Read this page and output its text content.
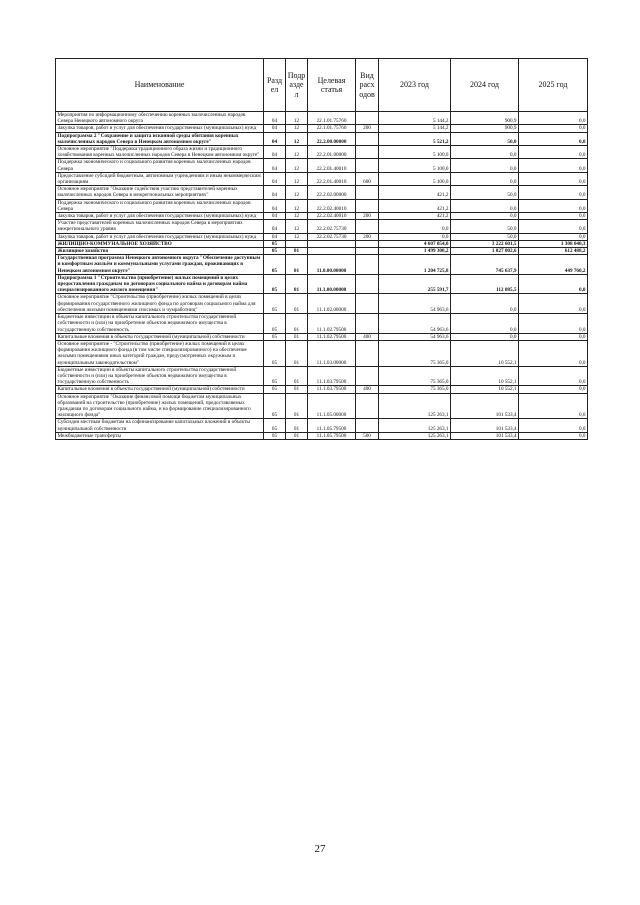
Наименование	Разд ел	Подр азде л	Целевая статья	Вид расх одов	2023 год	2024 год	2025 год
Мероприятия по информационному обеспечению коренных малочисленных народов Севера Ненецкого автономного округа	04	12	22.1.01.75760		5 144,2	900,9	0,0
Закупка товаров, работ и услуг для обеспечения государственных (муниципальных) нужд	04	12	22.1.01.75760	200	5 144,2	900,9	0,0
Подпрограмма 2 "Сохранение и защита исконной среды обитания коренных малочисленных народов Севера в Ненецком автономном округе"	04	12	22.2.00.00000		5 521,2	50,0	0,0
Основное мероприятие "Поддержка традиционного образа жизни и традиционного хозяйствования коренных малочисленных народов Севера в Ненецком автономном округе"	04	12	22.2.01.00000		5 100,0	0,0	0,0
Поддержка экономического и социального развития коренных малочисленных народов Севера	04	12	22.2.01.40010		5 100,0	0,0	0,0
Предоставление субсидий бюджетным, автономным учреждениям и иным некоммерческим организациям	04	12	22.2.01.40010	600	5 100,0	0,0	0,0
Основное мероприятие "Оказание содействия участию представителей коренных малочисленных народов Севера в межрегиональных мероприятиях"	04	12	22.2.02.00000		421,2	50,0	0,0
Поддержка экономического и социального развития коренных малочисленных народов Севера	04	12	22.2.02.40010		421,2	0,0	0,0
Закупка товаров, работ и услуг для обеспечения государственных (муниципальных) нужд	04	12	22.2.02.40010	200	421,2	0,0	0,0
Участие представителей коренных малочисленных народов Севера в мероприятиях межрегионального уровня	04	12	22.2.02.75730		0,0	50,0	0,0
Закупка товаров, работ и услуг для обеспечения государственных (муниципальных) нужд	04	12	22.2.02.75730	200	0,0	50,0	0,0
ЖИЛИЩНО-КОММУНАЛЬНОЕ ХОЗЯЙСТВО	05				4 607 054,0	3 222 601,5	1 308 040,3
Жилищное хозяйство	05	01			1 499 308,2	1 027 002,6	612 488,2
Государственная программа Ненецкого автономного округа "Обеспечение доступным и комфортным жильём и коммунальными услугами граждан, проживающих в Ненецком автономном округе"	05	01	11.0.00.00000		1 204 725,8	745 637,9	449 760,2
Подпрограмма 1 "Строительство (приобретение) жилых помещений в целях предоставления гражданам по договорам социального найма и договорам найма специализированного жилого помещения"	05	01	11.1.00.00000		255 591,7	112 085,5	0,0
Основное мероприятие "Строительство (приобретение) жилых помещений в целях формирования государственного жилищного фонда по договорам социального найма для обеспечения жилыми помещениями сносимых и чумработниц"	05	01	11.1.02.00000		54 963,6	0,0	0,0
Бюджетные инвестиции в объекты капитального строительства государственной собственности и (или) на приобретение объектов недвижимого имущества в государственную собственность	05	01	11.1.02.79500		54 963,6	0,0	0,0
Капитальные вложения в объекты государственной (муниципальной) собственности	05	01	11.1.02.79500	400	54 963,6	0,0	0,0
Основное мероприятие - "Строительство (приобретение) жилых помещений в целях формирования жилищного фонда (в том числе специализированного) на обеспечение жилыми помещениями иных категорий граждан, предусмотренных окружным и муниципальным законодательством"	05	01	11.1.03.00000		75 365,0	10 552,1	0,0
Бюджетные инвестиции в объекты капитального строительства государственной собственности и (или) на приобретение объектов недвижимого имущества в государственную собственность	05	01	11.1.03.79500		75 365,0	10 552,1	0,0
Капитальные вложения в объекты государственной (муниципальной) собственности	05	01	11.1.03.79500	400	75 365,0	10 552,1	0,0
Основное мероприятие "Оказание финансовой помощи бюджетам муниципальных образований на строительство (приобретение) жилых помещений, предоставляемых гражданам по договорам социального найма, и на формирование специализированного жилищного фонда"	05	01	11.1.05.00000		125 263,1	101 533,4	0,0
Субсидии местным бюджетам на софинансирование капитальных вложений в объекты муниципальной собственности	05	01	11.1.05.79500		125 263,1	101 533,4	0,0
Межбюджетные трансферты	05	01	11.1.05.79500	500	125 263,1	101 533,4	0,0
27
